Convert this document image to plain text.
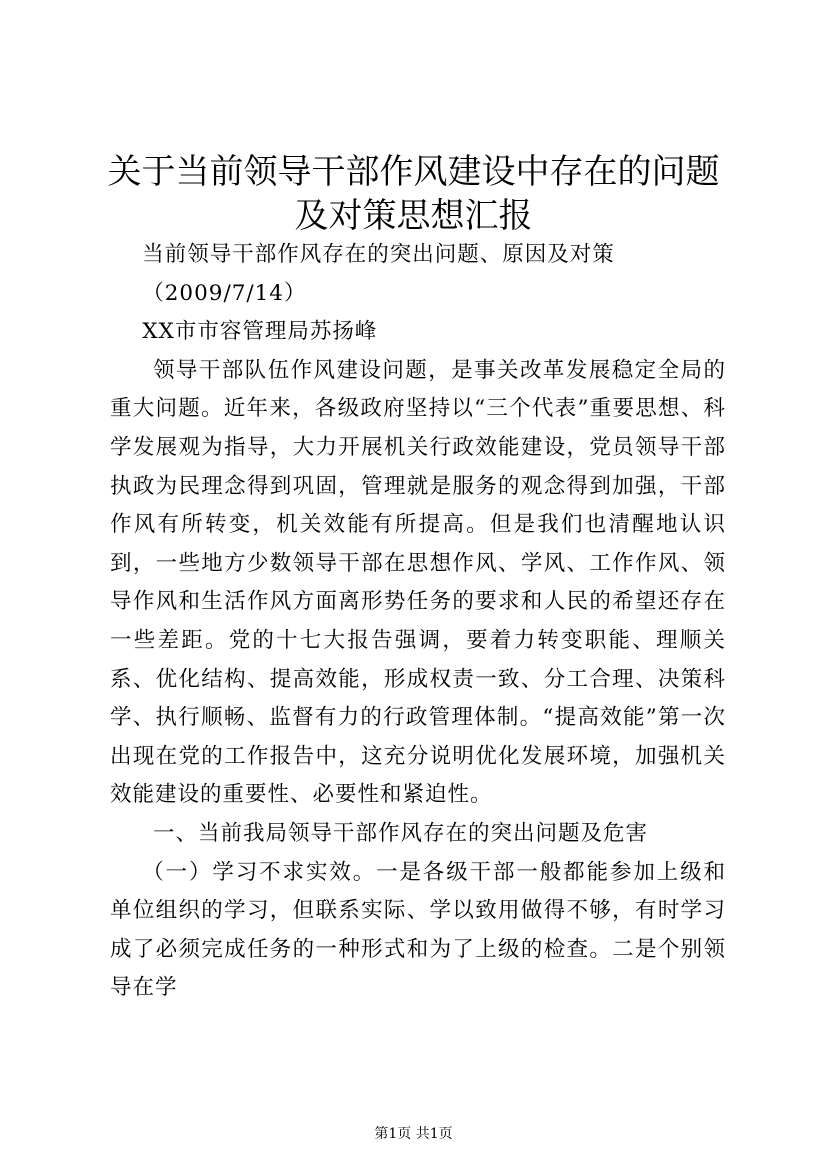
关于当前领导干部作风建设中存在的问题及对策思想汇报

当前领导干部作风存在的突出问题、原因及对策

（2009/7/14）

XX市市容管理局苏扬峰

领导干部队伍作风建设问题，是事关改革发展稳定全局的重大问题。近年来，各级政府坚持以“三个代表”重要思想、科学发展观为指导，大力开展机关行政效能建设，党员领导干部执政为民理念得到巩固，管理就是服务的观念得到加强，干部作风有所转变，机关效能有所提高。但是我们也清醒地认识到，一些地方少数领导干部在思想作风、学风、工作作风、领导作风和生活作风方面离形势任务的要求和人民的希望还存在一些差距。党的十七大报告强调，要着力转变职能、理顺关系、优化结构、提高效能，形成权责一致、分工合理、决策科学、执行顺畅、监督有力的行政管理体制。“提高效能”第一次出现在党的工作报告中，这充分说明优化发展环境，加强机关效能建设的重要性、必要性和紧迫性。

一、当前我局领导干部作风存在的突出问题及危害

（一）学习不求实效。一是各级干部一般都能参加上级和单位组织的学习，但联系实际、学以致用做得不够，有时学习成了必须完成任务的一种形式和为了上级的检查。二是个别领导在学

第1页 共1页
